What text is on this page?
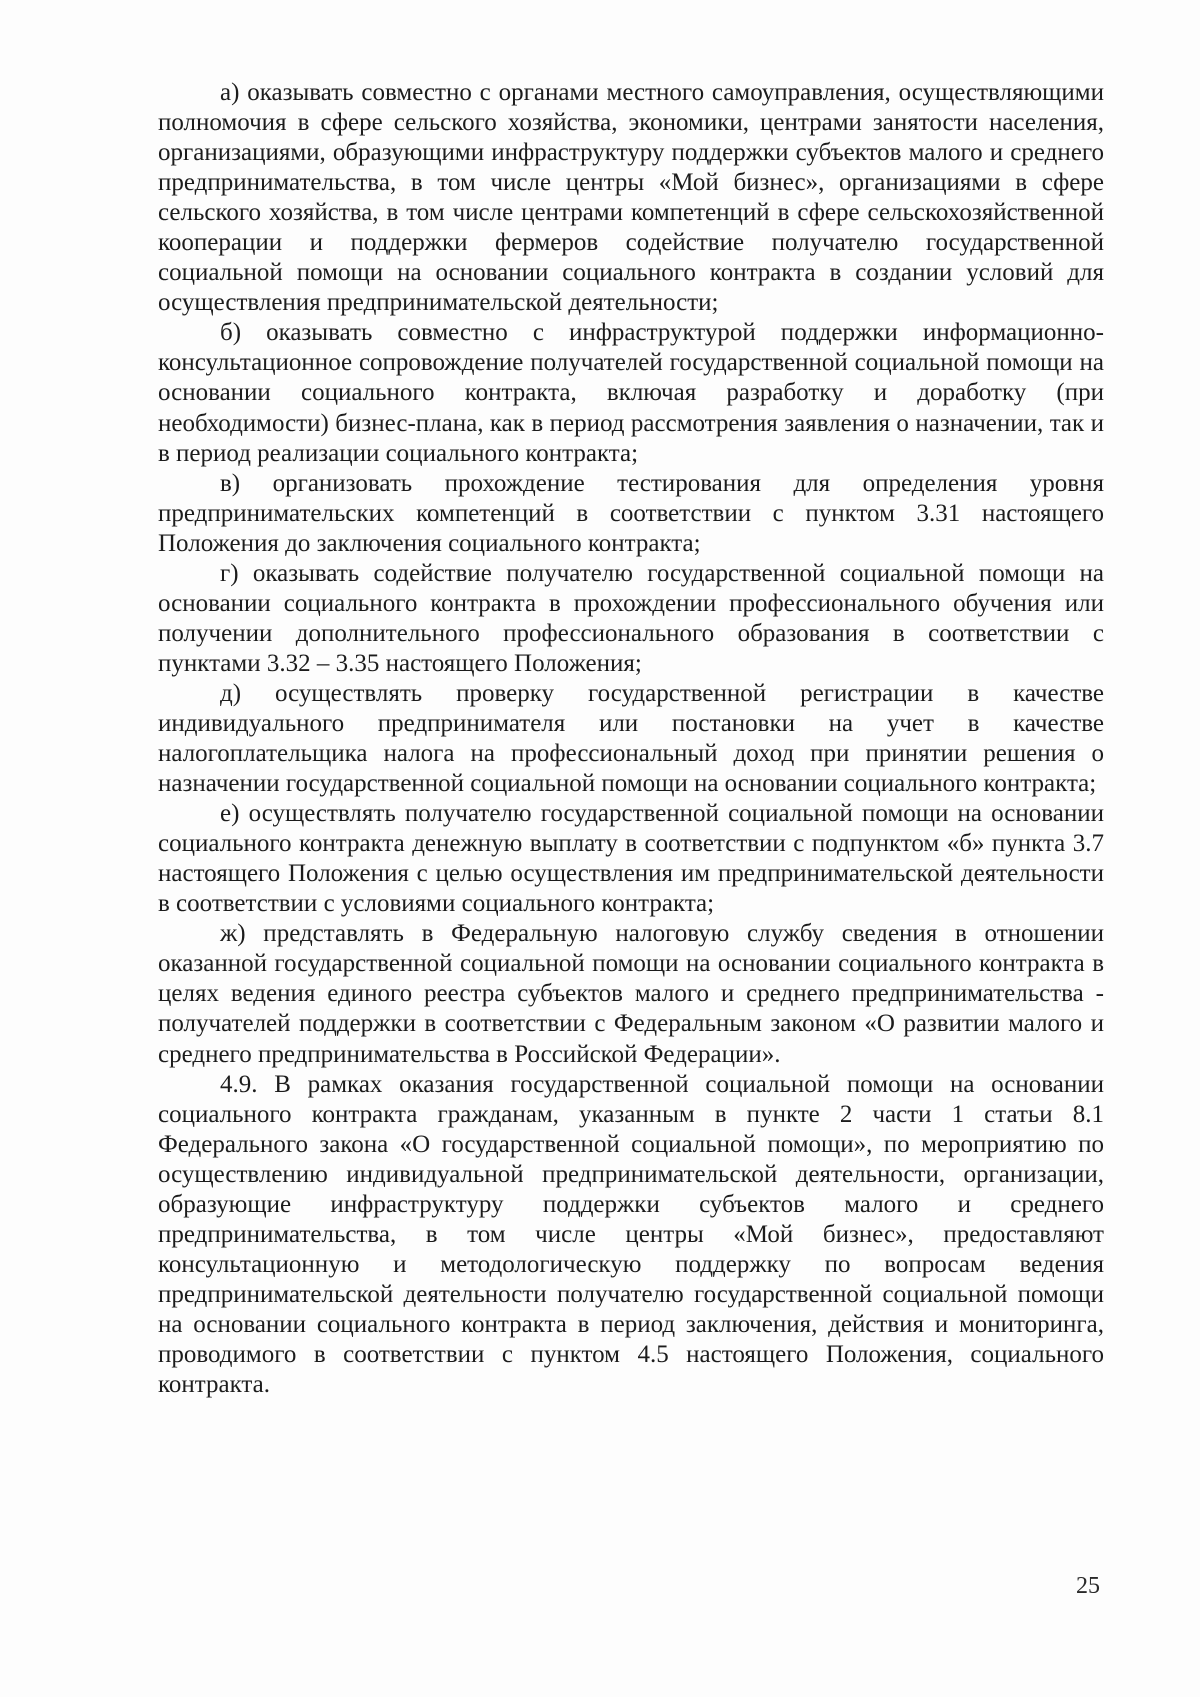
а) оказывать совместно с органами местного самоуправления, осуществляющими полномочия в сфере сельского хозяйства, экономики, центрами занятости населения, организациями, образующими инфраструктуру поддержки субъектов малого и среднего предпринимательства, в том числе центры «Мой бизнес», организациями в сфере сельского хозяйства, в том числе центрами компетенций в сфере сельскохозяйственной кооперации и поддержки фермеров содействие получателю государственной социальной помощи на основании социального контракта в создании условий для осуществления предпринимательской деятельности;

б) оказывать совместно с инфраструктурой поддержки информационно-консультационное сопровождение получателей государственной социальной помощи на основании социального контракта, включая разработку и доработку (при необходимости) бизнес-плана, как в период рассмотрения заявления о назначении, так и в период реализации социального контракта;

в) организовать прохождение тестирования для определения уровня предпринимательских компетенций в соответствии с пунктом 3.31 настоящего Положения до заключения социального контракта;

г) оказывать содействие получателю государственной социальной помощи на основании социального контракта в прохождении профессионального обучения или получении дополнительного профессионального образования в соответствии с пунктами 3.32 – 3.35 настоящего Положения;

д) осуществлять проверку государственной регистрации в качестве индивидуального предпринимателя или постановки на учет в качестве налогоплательщика налога на профессиональный доход при принятии решения о назначении государственной социальной помощи на основании социального контракта;

е) осуществлять получателю государственной социальной помощи на основании социального контракта денежную выплату в соответствии с подпунктом «б» пункта 3.7 настоящего Положения с целью осуществления им предпринимательской деятельности в соответствии с условиями социального контракта;

ж) представлять в Федеральную налоговую службу сведения в отношении оказанной государственной социальной помощи на основании социального контракта в целях ведения единого реестра субъектов малого и среднего предпринимательства - получателей поддержки в соответствии с Федеральным законом «О развитии малого и среднего предпринимательства в Российской Федерации».

4.9. В рамках оказания государственной социальной помощи на основании социального контракта гражданам, указанным в пункте 2 части 1 статьи 8.1 Федерального закона «О государственной социальной помощи», по мероприятию по осуществлению индивидуальной предпринимательской деятельности, организации, образующие инфраструктуру поддержки субъектов малого и среднего предпринимательства, в том числе центры «Мой бизнес», предоставляют консультационную и методологическую поддержку по вопросам ведения предпринимательской деятельности получателю государственной социальной помощи на основании социального контракта в период заключения, действия и мониторинга, проводимого в соответствии с пунктом 4.5 настоящего Положения, социального контракта.

25
